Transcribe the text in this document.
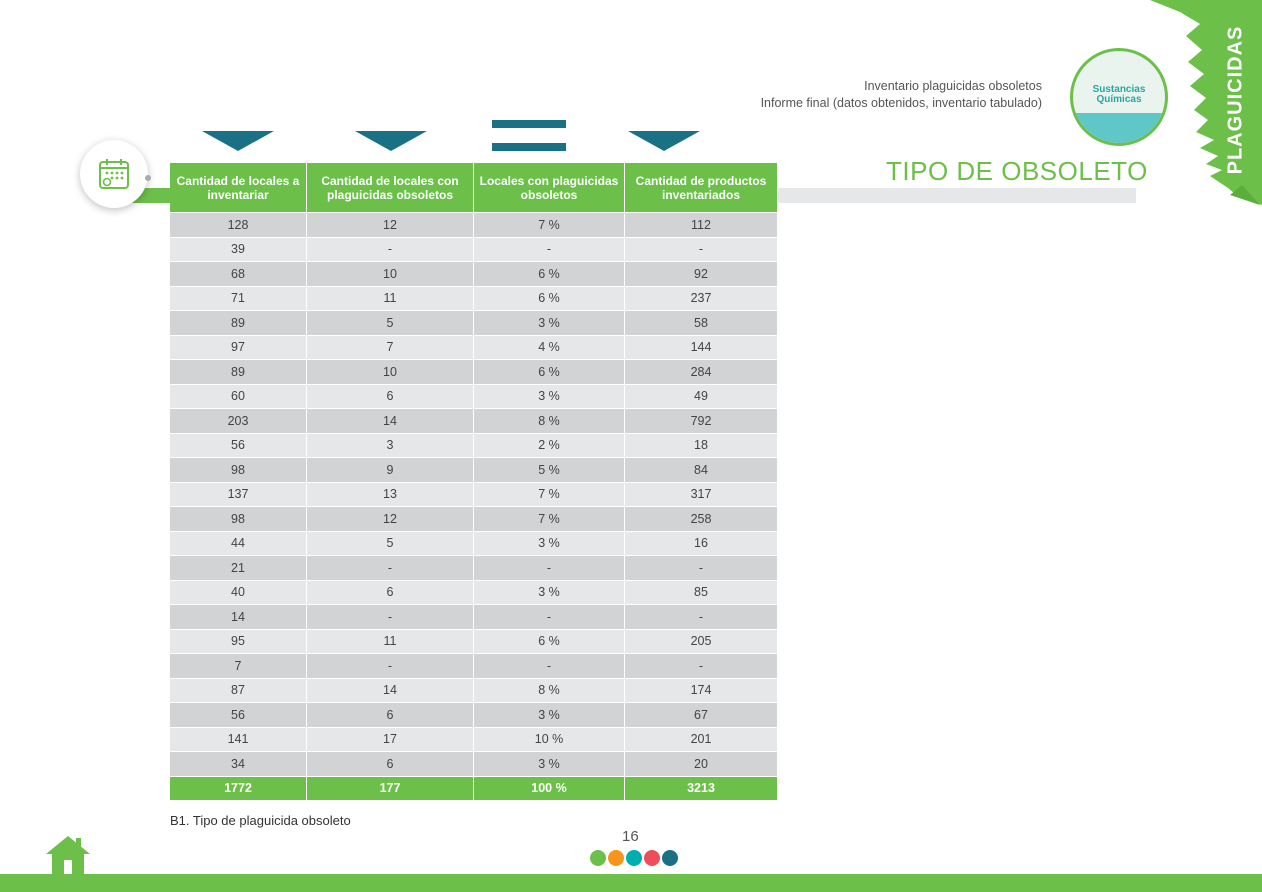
PLAGUICIDAS
Sustancias
Químicas
Inventario plaguicidas obsoletos
Informe final (datos obtenidos, inventario tabulado)
TIPO DE OBSOLETO
Cantidad de locales a inventariar	Cantidad de locales con plaguicidas obsoletos	Locales con plaguicidas obsoletos	Cantidad de productos inventariados
128	12	7 %	112
39	-	-	-
68	10	6 %	92
71	11	6 %	237
89	5	3 %	58
97	7	4 %	144
89	10	6 %	284
60	6	3 %	49
203	14	8 %	792
56	3	2 %	18
98	9	5 %	84
137	13	7 %	317
98	12	7 %	258
44	5	3 %	16
21	-	-	-
40	6	3 %	85
14	-	-	-
95	11	6 %	205
7	-	-	-
87	14	8 %	174
56	6	3 %	67
141	17	10 %	201
34	6	3 %	20
1772	177	100 %	3213
B1. Tipo de plaguicida obsoleto
16
